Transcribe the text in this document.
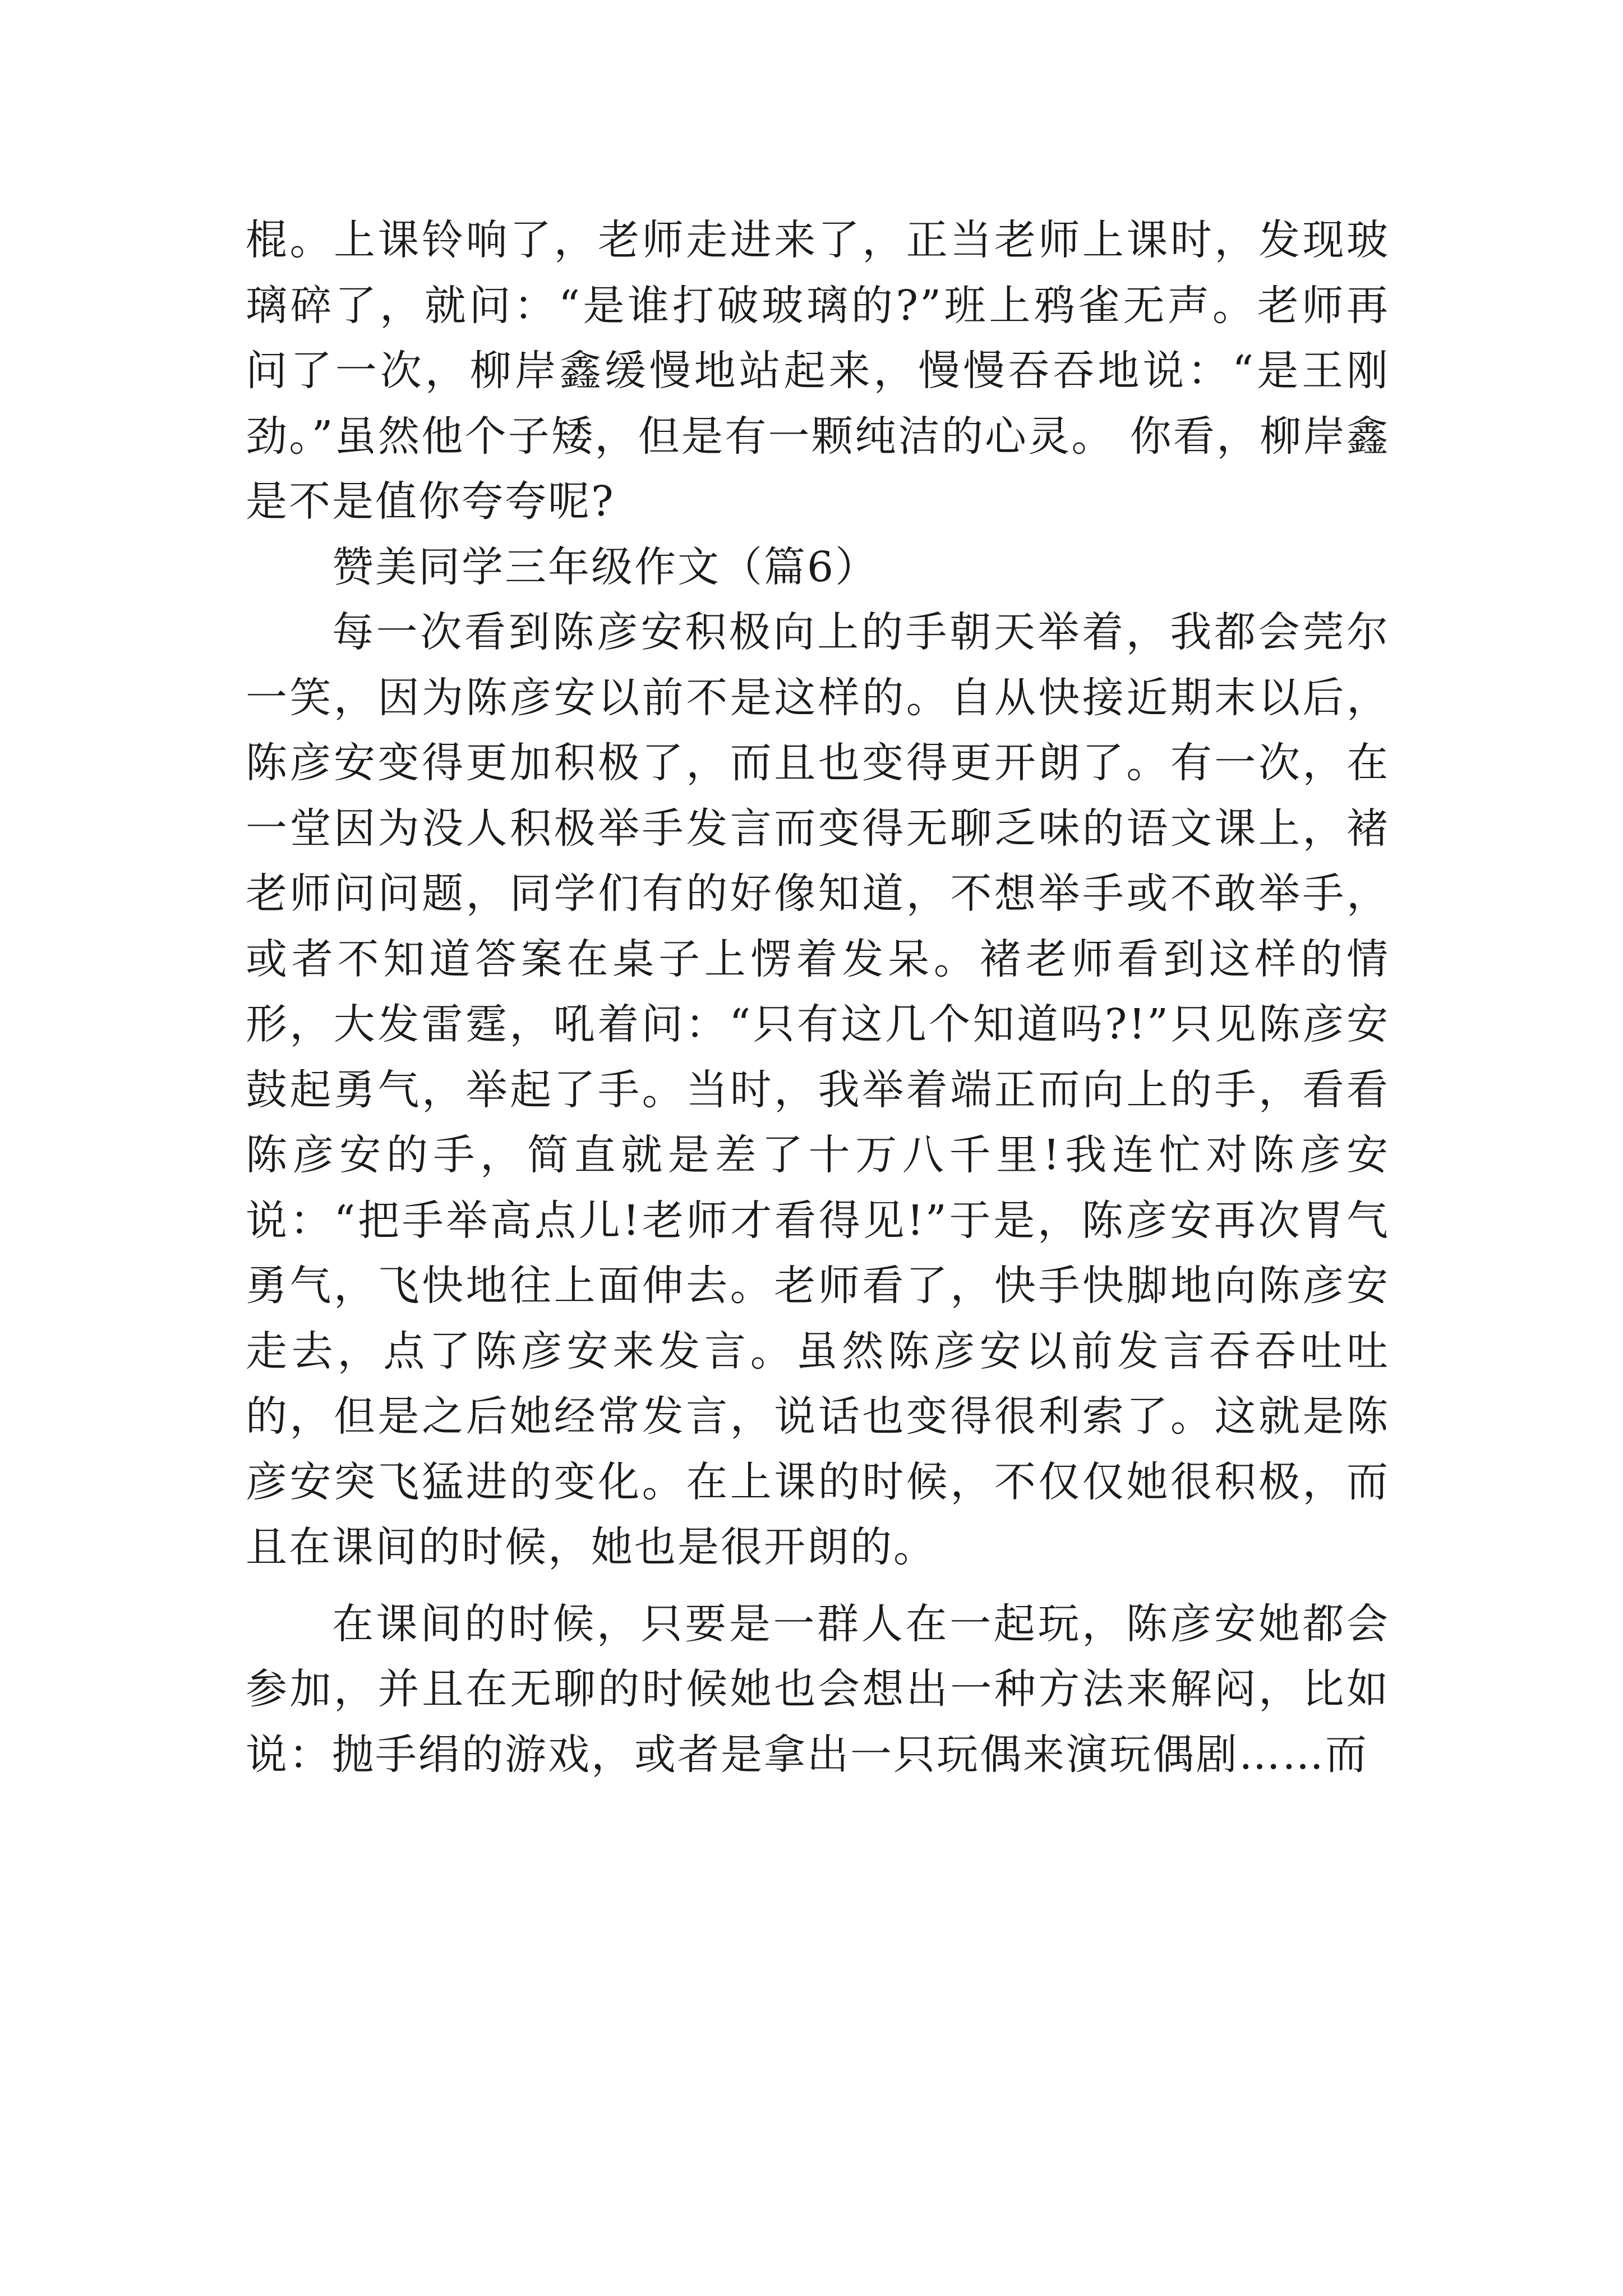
棍。上课铃响了，老师走进来了，正当老师上课时，发现玻璃碎了，就问：“是谁打破玻璃的?”班上鸦雀无声。老师再问了一次，柳岸鑫缓慢地站起来，慢慢吞吞地说：“是王刚劲。”虽然他个子矮，但是有一颗纯洁的心灵。 你看，柳岸鑫是不是值你夸夸呢?

赞美同学三年级作文（篇6）

每一次看到陈彦安积极向上的手朝天举着，我都会莞尔一笑，因为陈彦安以前不是这样的。自从快接近期末以后，陈彦安变得更加积极了，而且也变得更开朗了。有一次，在一堂因为没人积极举手发言而变得无聊乏味的语文课上，褚老师问问题，同学们有的好像知道，不想举手或不敢举手，或者不知道答案在桌子上愣着发呆。褚老师看到这样的情形，大发雷霆，吼着问：“只有这几个知道吗?!”只见陈彦安鼓起勇气，举起了手。当时，我举着端正而向上的手，看看陈彦安的手，简直就是差了十万八千里!我连忙对陈彦安说：“把手举高点儿!老师才看得见!”于是，陈彦安再次胃气勇气，飞快地往上面伸去。老师看了，快手快脚地向陈彦安走去，点了陈彦安来发言。虽然陈彦安以前发言吞吞吐吐的，但是之后她经常发言，说话也变得很利索了。这就是陈彦安突飞猛进的变化。在上课的时候，不仅仅她很积极，而且在课间的时候，她也是很开朗的。

在课间的时候，只要是一群人在一起玩，陈彦安她都会参加，并且在无聊的时候她也会想出一种方法来解闷，比如说：抛手绢的游戏，或者是拿出一只玩偶来演玩偶剧……而
